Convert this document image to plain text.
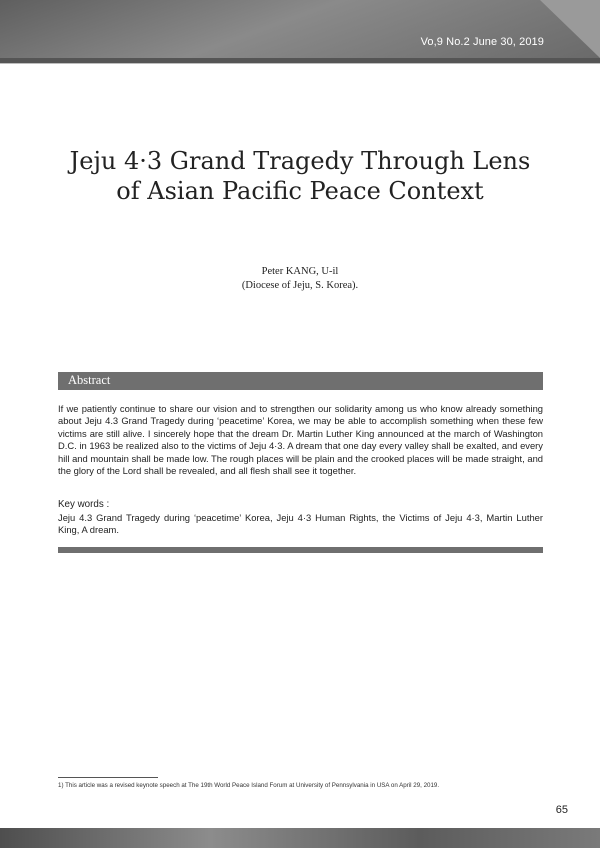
Vo,9 No.2 June 30, 2019
Jeju 4·3 Grand Tragedy Through Lens
of Asian Pacific Peace Context
Peter KANG, U-il
(Diocese of Jeju, S. Korea).
Abstract
If we patiently continue to share our vision and to strengthen our solidarity among us who know already something about Jeju 4.3 Grand Tragedy during ‘peacetime’ Korea, we may be able to accomplish something when these few victims are still alive. I sincerely hope that the dream Dr. Martin Luther King announced at the march of Washington D.C. in 1963 be realized also to the victims of Jeju 4·3. A dream that one day every valley shall be exalted, and every hill and mountain shall be made low. The rough places will be plain and the crooked places will be made straight, and the glory of the Lord shall be revealed, and all flesh shall see it together.
Key words :
Jeju 4.3 Grand Tragedy during ‘peacetime’ Korea, Jeju 4·3 Human Rights, the Victims of Jeju 4·3, Martin Luther King, A dream.
1) This article was a revised keynote speech at The 19th World Peace Island Forum at University of Pennsylvania in USA on April 29, 2019.
65
